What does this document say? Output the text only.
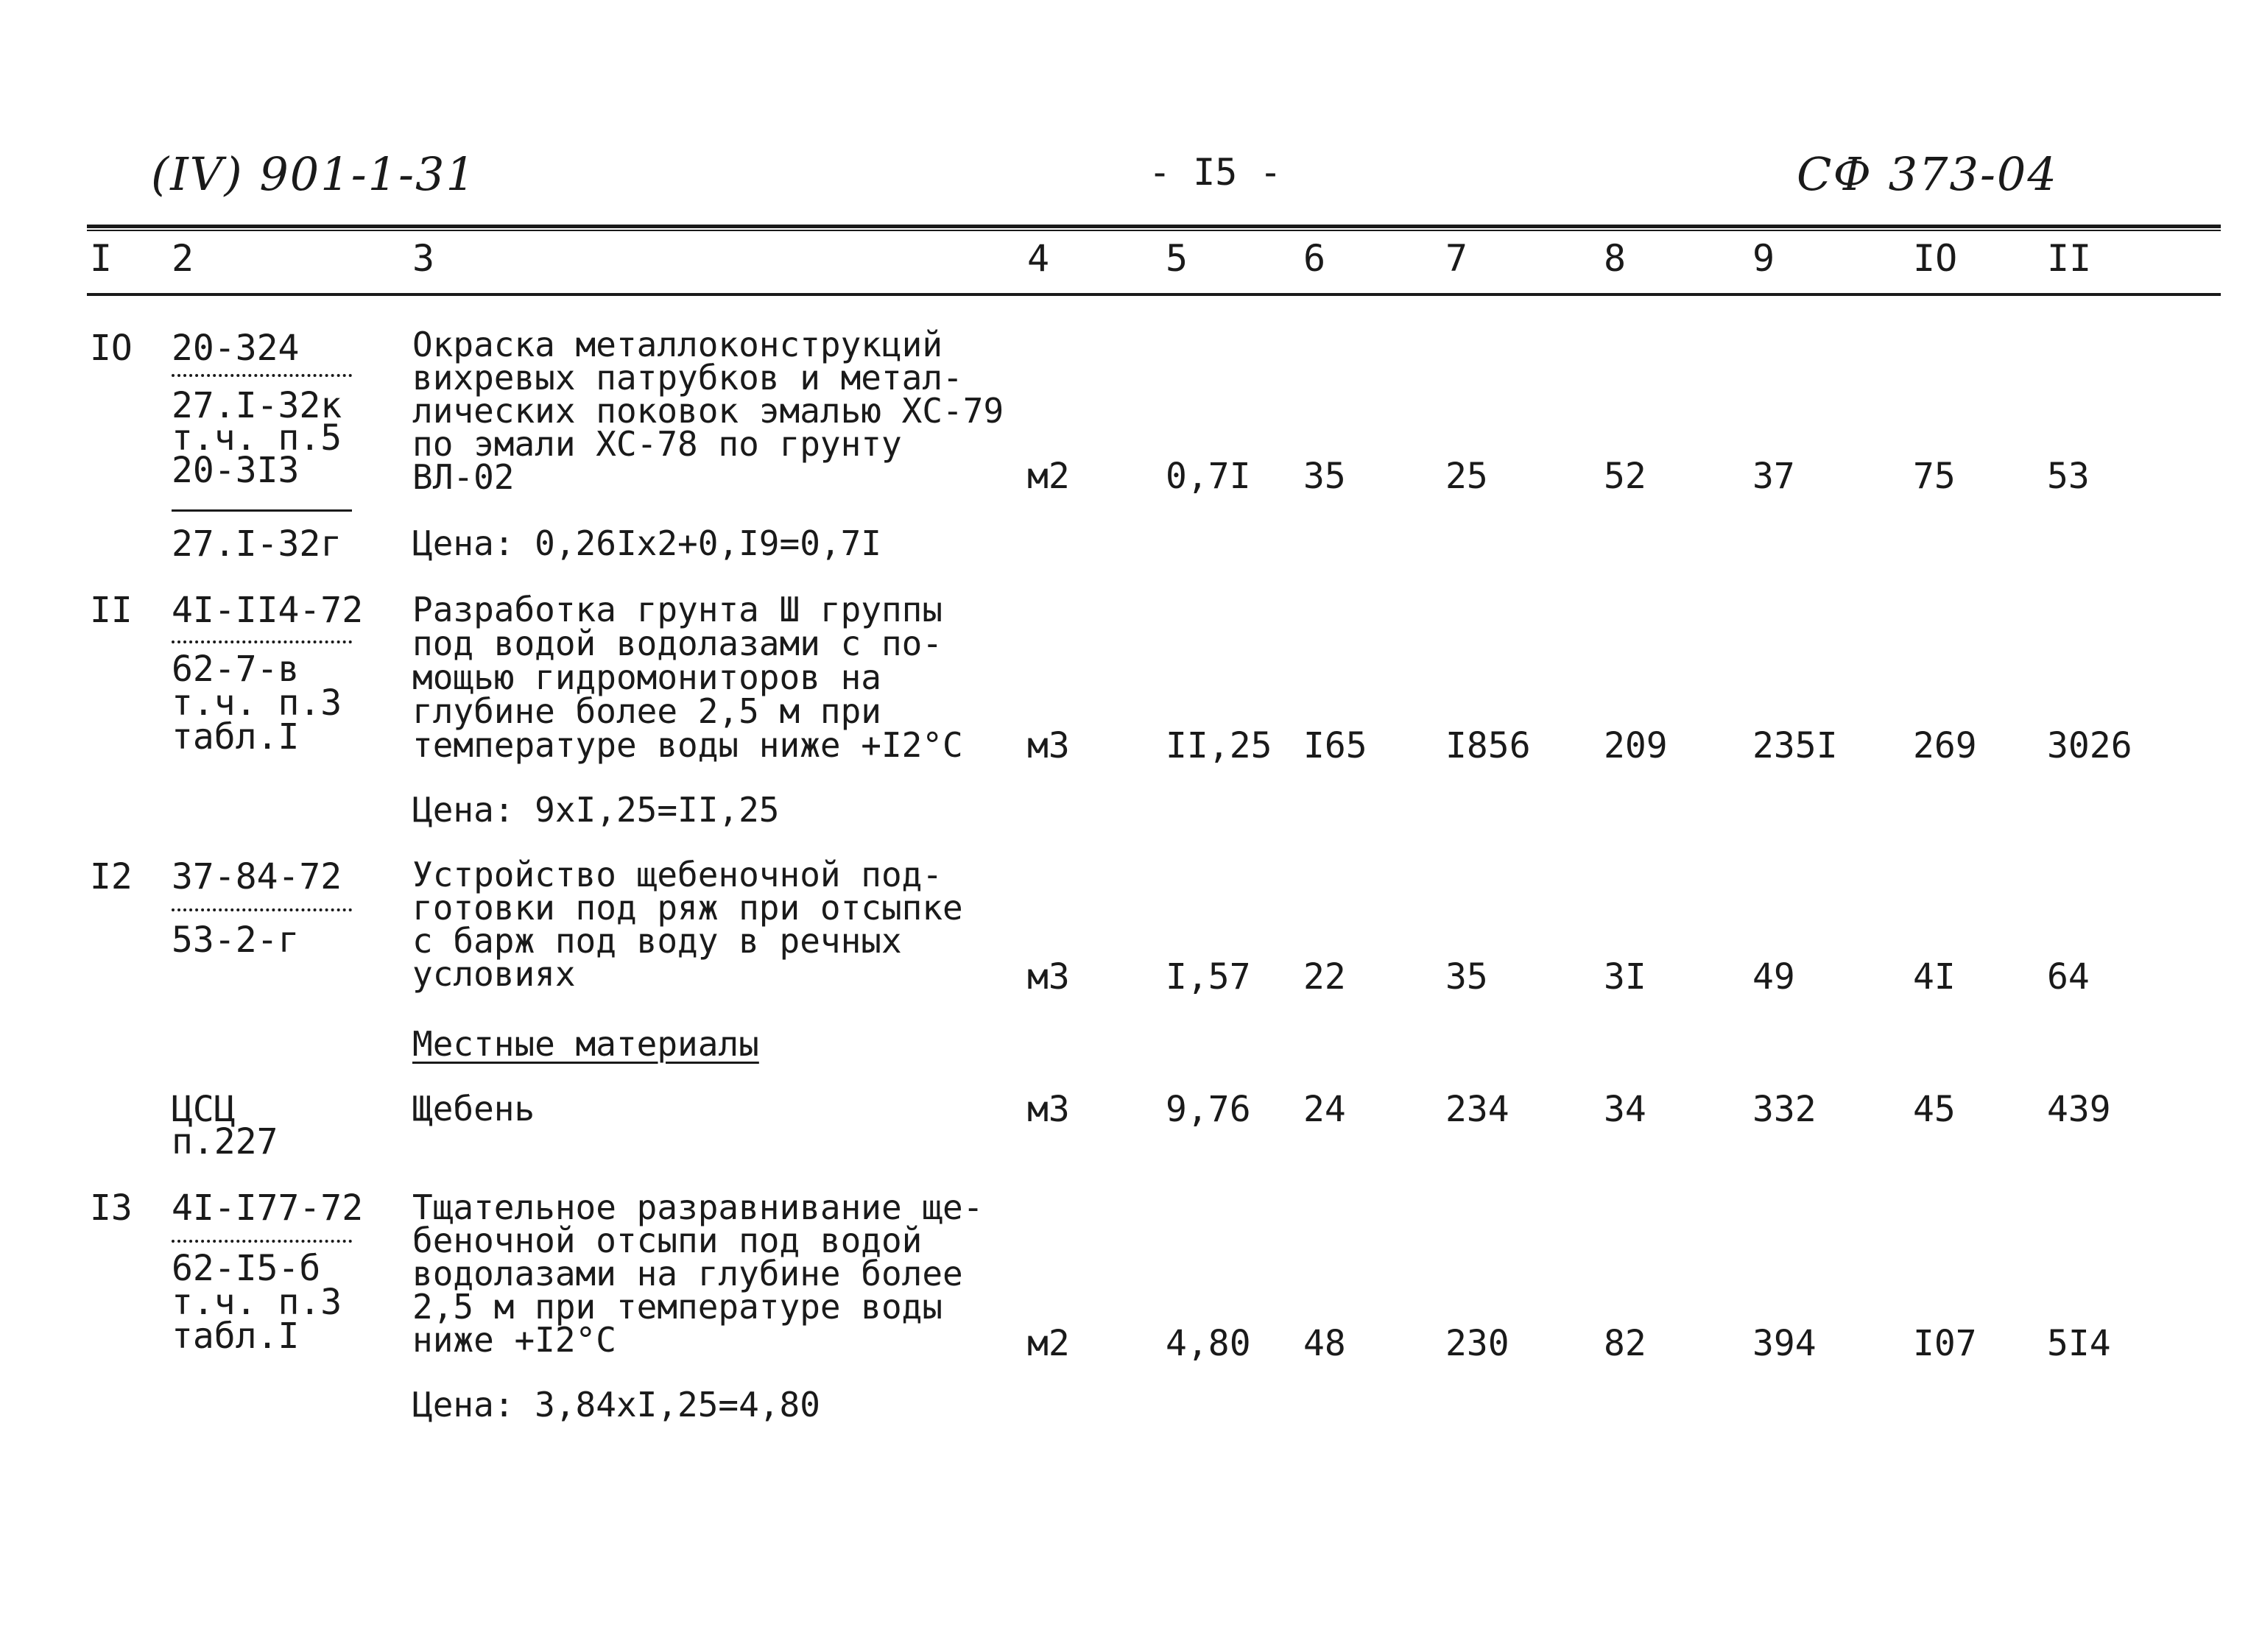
(IV) 901-1-31	- I5 -	СФ 373-04
I 2	3	4	5	6	7	8	9	IO II
IO 20-324
27.I-32к
т.ч. п.5
20-3I3
27.I-32г
Окраска металлоконструкций
вихревых патрубков и метал-
лических поковок эмалью ХС-79
по эмали ХС-78 по грунту
ВЛ-02
Цена: 0,26Iх2+0,I9=0,7I
м2	0,7I 35	25	52	37	75	53
II 4I-II4-72
62-7-в
т.ч. п.3
табл.I
Разработка грунта Ш группы
под водой водолазами с по-
мощью гидромониторов на
глубине более 2,5 м при
температуре воды ниже +I2°С
Цена: 9хI,25=II,25
м3	II,25 I65 I856 209 235I 269 3026
I2 37-84-72
53-2-г
Устройство щебеночной под-
готовки под ряж при отсыпке
с барж под воду в речных
условиях	м3	I,57 22	35	3I	49	4I	64
Местные материалы
ЦСЦ
п.227
Щебень	м3	9,76 24	234	34	332	45	439
I3 4I-I77-72
62-I5-б
т.ч. п.3
табл.I
Тщательное разравнивание ще-
беночной отсыпи под водой
водолазами на глубине более
2,5 м при температуре воды
ниже +I2°С
Цена: 3,84хI,25=4,80
м2	4,80 48	230	82	394	I07 5I4
